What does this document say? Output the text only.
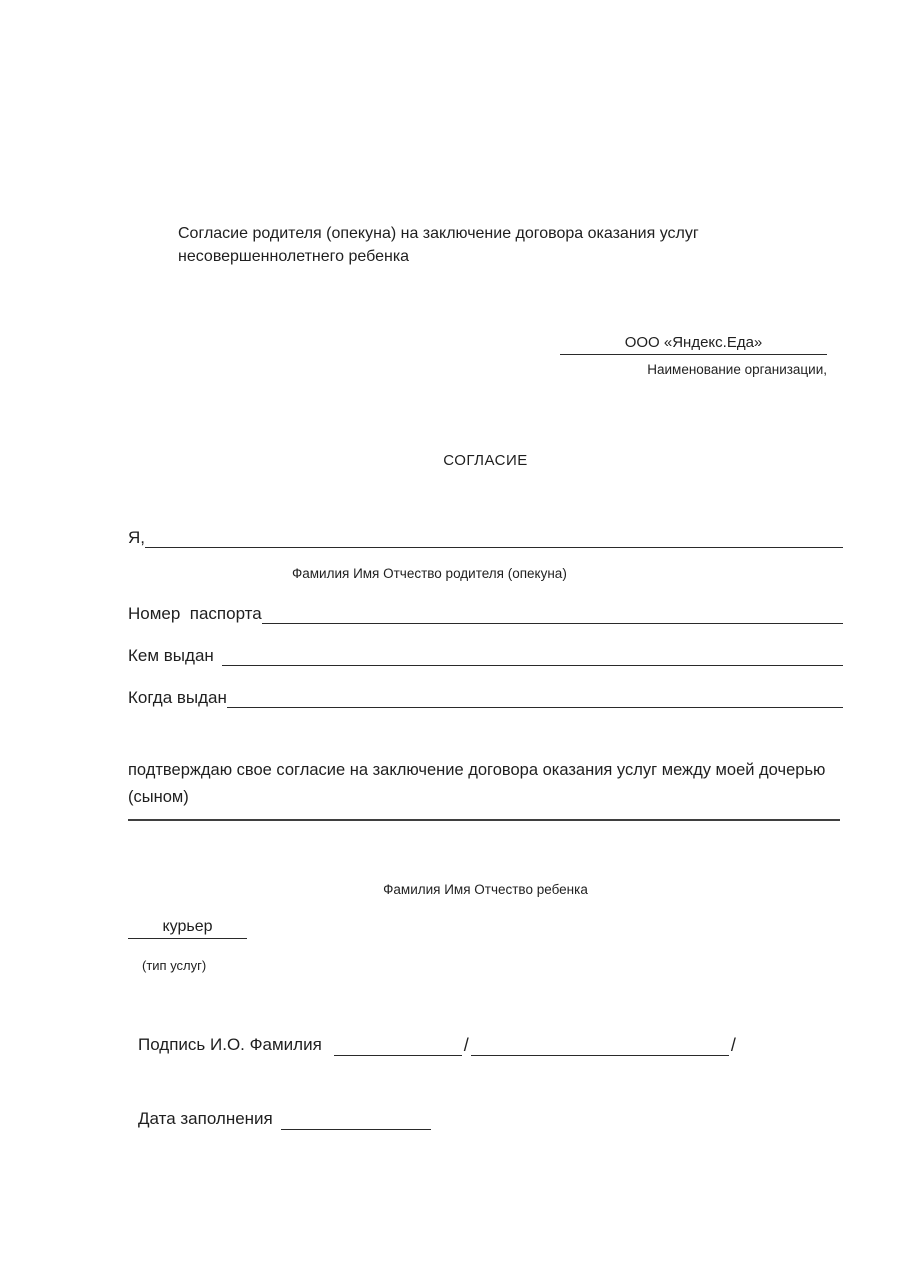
Согласие родителя (опекуна) на заключение договора оказания услуг несовершеннолетнего ребенка
ООО «Яндекс.Еда»
Наименование организации,
СОГЛАСИЕ
Я,
Фамилия Имя Отчество родителя (опекуна)
Номер  паспорта
Кем выдан
Когда выдан
подтверждаю свое согласие на заключение договора оказания услуг между моей дочерью (сыном)
Фамилия Имя Отчество ребенка
курьер
(тип услуг)
Подпись И.О. Фамилия	/	/
Дата заполнения
